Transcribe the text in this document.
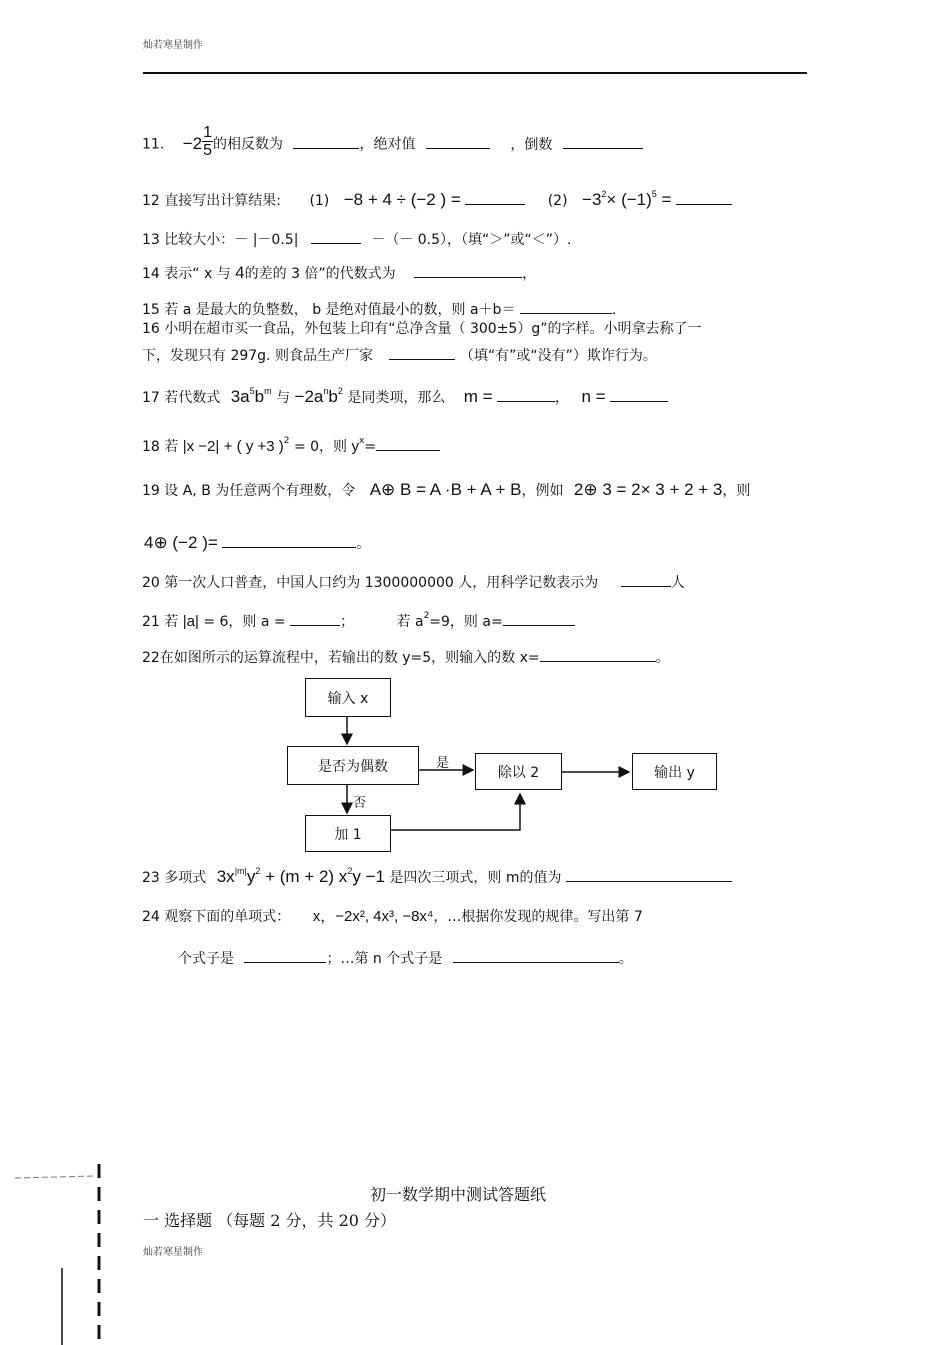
灿若寒星制作
11. $-2 \frac{1}{5}$ 的相反数为	，绝对值	，倒数
12 直接写出计算结果: (1) −8 + 4 ÷ (−2 ) =	$(2) -3^2\times (-1)^5$ =
13 比较大小：－ |－0.5|	－（－ 0.5），（填“＞”或“＜”）.
14 表示“ x 与 4的差的 3 倍”的代数式为	，
15 若 a 是最大的负整数， b 是绝对值最小的数，则 a＋b＝	.
16 小明在超市买一食品，外包装上印有“总净含量（ 300±5）g”的字样。小明拿去称了一
下，发现只有 297g. 则食品生产厂家	（填“有”或“没有”）欺诈行为。
17 若代数式 $3a^5b^m$ 与 $-2a^nb^2$ 是同类项，那么 m =	， n =
18 若 |x −2| + ( y +3 )$^2$ = 0，则 $y^x=$
19 设 A, B 为任意两个有理数，令 A⊕ B = A ·B + A + B，例如 2⊕ 3 = 2× 3 + 2 + 3，则
4⊕ (−2 )=	。
20 第一次人口普查，中国人口约为 1300000000 人，用科学记数表示为	人
21 若 |a| = 6，则 a =	；	若 $a^2=9$，则 a=
22在如图所示的运算流程中，若输出的数 y=5，则输入的数 x=	。
输入 x
是否为偶数	是
否
除以 2	输出 y
加 1
23 多项式 $3x^{|m|}y^2 + (m + 2)$ $x^2y -1$ 是四次三项式，则 m的值为
24 观察下面的单项式： x，−2x², 4x³, −8x⁴，…根据你发现的规律。写出第 7
个式子是	；…第 n 个式子是	。
初一数学期中测试答题纸
一 选择题 （每题 2 分，共 20 分）
灿若寒星制作
